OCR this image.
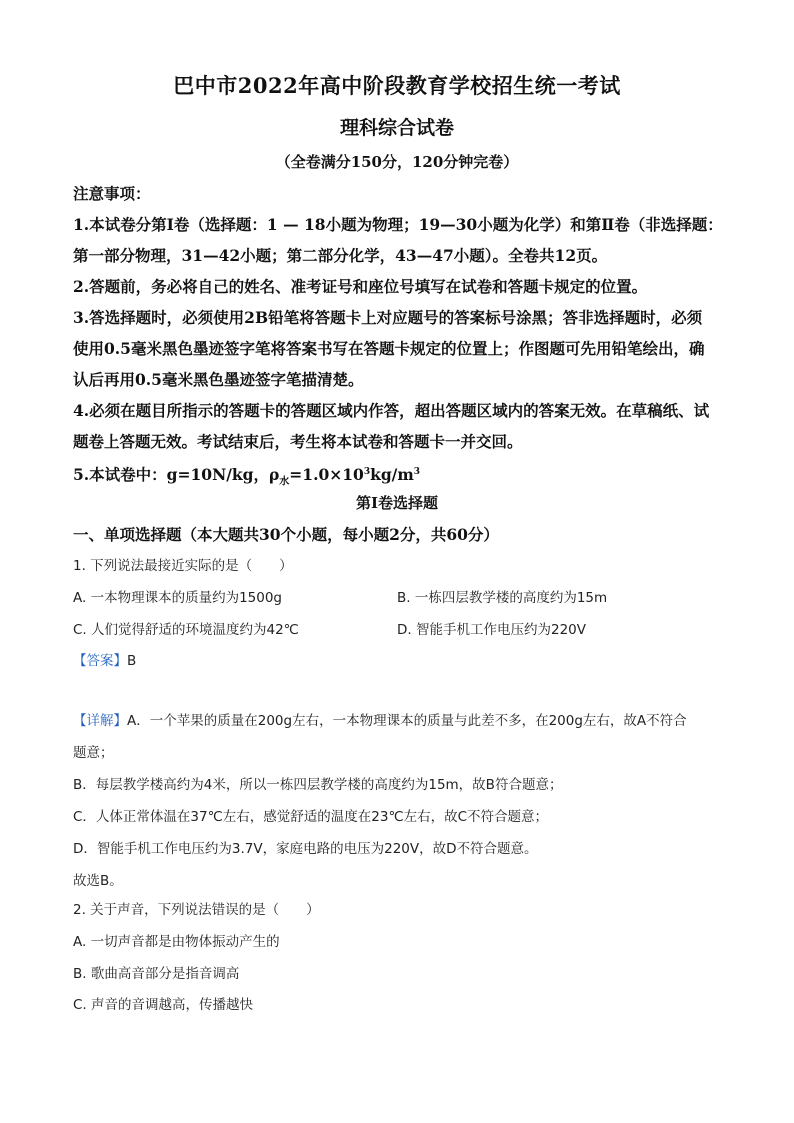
巴中市2022年高中阶段教育学校招生统一考试
理科综合试卷
（全卷满分150分，120分钟完卷）

注意事项：

1.本试卷分第Ⅰ卷（选择题：1 — 18小题为物理；19—30小题为化学）和第Ⅱ卷（非选择题：

第一部分物理，31—42小题；第二部分化学，43—47小题）。全卷共12页。

2.答题前，务必将自己的姓名、准考证号和座位号填写在试卷和答题卡规定的位置。

3.答选择题时，必须使用2B铅笔将答题卡上对应题号的答案标号涂黑；答非选择题时，必须

使用0.5毫米黑色墨迹签字笔将答案书写在答题卡规定的位置上；作图题可先用铅笔绘出，确

认后再用0.5毫米黑色墨迹签字笔描清楚。

4.必须在题目所指示的答题卡的答题区域内作答，超出答题区域内的答案无效。在草稿纸、试

题卷上答题无效。考试结束后，考生将本试卷和答题卡一并交回。

5.本试卷中：g=10N/kg，$\rho_水=1.0\times 10^3kg/m^3$

第Ⅰ卷选择题
一、单项选择题（本大题共30个小题，每小题2分，共60分）
1. 下列说法最接近实际的是（　　）
A. 一本物理课本的质量约为1500g	B. 一栋四层教学楼的高度约为15m
C. 人们觉得舒适的环境温度约为42℃	D. 智能手机工作电压约为220V
【答案】B

【详解】A．一个苹果的质量在200g左右，一本物理课本的质量与此差不多，在200g左右，故A不符合

题意；

B．每层教学楼高约为4米，所以一栋四层教学楼的高度约为15m，故B符合题意；

C．人体正常体温在37℃左右，感觉舒适的温度在23℃左右，故C不符合题意；

D．智能手机工作电压约为3.7V，家庭电路的电压为220V，故D不符合题意。

故选B。

2. 关于声音，下列说法错误的是（　　）
A. 一切声音都是由物体振动产生的
B. 歌曲高音部分是指音调高
C. 声音的音调越高，传播越快
